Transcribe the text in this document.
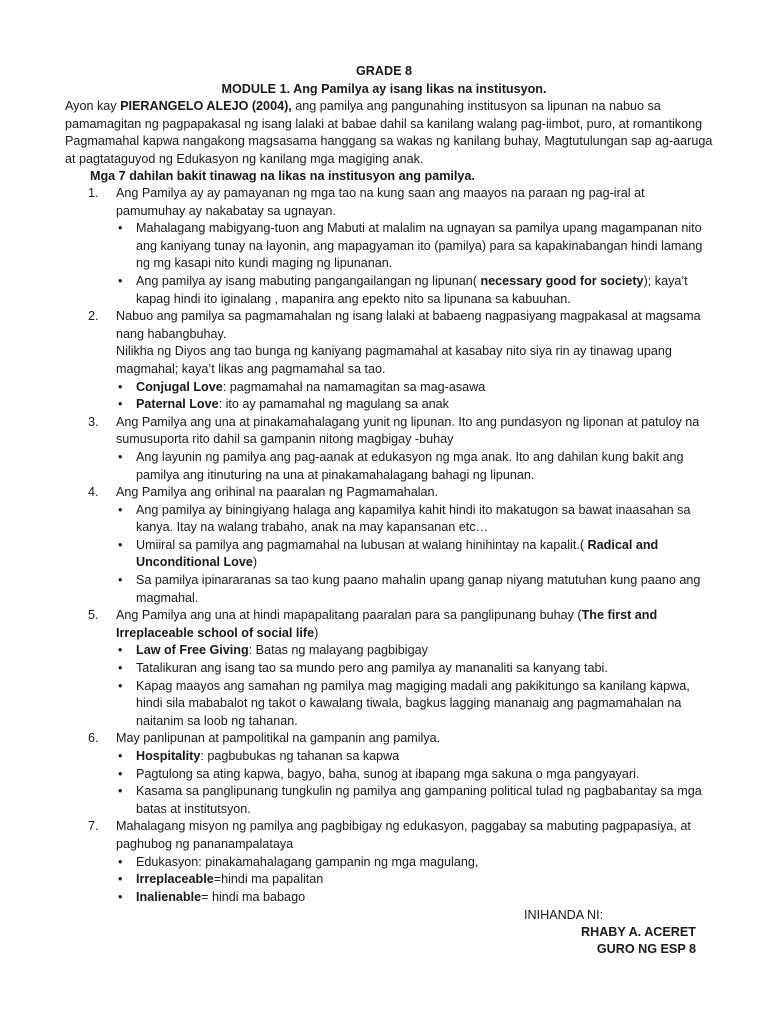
GRADE 8
MODULE 1. Ang Pamilya ay isang likas na institusyon.

Ayon kay PIERANGELO ALEJO (2004), ang pamilya ang pangunahing institusyon sa lipunan na nabuo sa pamamagitan ng pagpapakasal ng isang lalaki at babae dahil sa kanilang walang pag-iimbot, puro, at romantikong Pagmamahal kapwa nangakong magsasama hanggang sa wakas ng kanilang buhay, Magtutulungan sap ag-aaruga at pagtataguyod ng Edukasyon ng kanilang mga magiging anak.

Mga 7 dahilan bakit tinawag na likas na institusyon ang pamilya.
1. Ang Pamilya ay ay pamayanan ng mga tao na kung saan ang maayos na paraan ng pag-iral at pamumuhay ay nakabatay sa ugnayan.
• Mahalagang mabigyang-tuon ang Mabuti at malalim na ugnayan sa pamilya upang magampanan nito ang kaniyang tunay na layonin, ang mapagyaman ito (pamilya) para sa kapakinabangan hindi lamang ng mg kasapi nito kundi maging ng lipunanan.
• Ang pamilya ay isang mabuting pangangailangan ng lipunan( necessary good for society); kaya’t kapag hindi ito iginalang , mapanira ang epekto nito sa lipunana sa kabuuhan.
2. Nabuo ang pamilya sa pagmamahalan ng isang lalaki at babaeng nagpasiyang magpakasal at magsama nang habangbuhay.
Nilikha ng Diyos ang tao bunga ng kaniyang pagmamahal at kasabay nito siya rin ay tinawag upang magmahal; kaya’t likas ang pagmamahal sa tao.
• Conjugal Love: pagmamahal na namamagitan sa mag-asawa
• Paternal Love: ito ay pamamahal ng magulang sa anak
3. Ang Pamilya ang una at pinakamahalagang yunit ng lipunan. Ito ang pundasyon ng liponan at patuloy na sumusuporta rito dahil sa gampanin nitong magbigay -buhay
• Ang layunin ng pamilya ang pag-aanak at edukasyon ng mga anak. Ito ang dahilan kung bakit ang pamilya ang itinuturing na una at pinakamahalagang bahagi ng lipunan.
4. Ang Pamilya ang orihinal na paaralan ng Pagmamahalan.
• Ang pamilya ay biningiyang halaga ang kapamilya kahit hindi ito makatugon sa bawat inaasahan sa kanya. Itay na walang trabaho, anak na may kapansanan etc…
• Umiiral sa pamilya ang pagmamahal na lubusan at walang hinihintay na kapalit.( Radical and Unconditional Love)
• Sa pamilya ipinararanas sa tao kung paano mahalin upang ganap niyang matutuhan kung paano ang magmahal.
5. Ang Pamilya ang una at hindi mapapalitang paaralan para sa panglipunang buhay (The first and Irreplaceable school of social life)
• Law of Free Giving: Batas ng malayang pagbibigay
• Tatalikuran ang isang tao sa mundo pero ang pamilya ay mananaliti sa kanyang tabi.
• Kapag maayos ang samahan ng pamilya mag magiging madali ang pakikitungo sa kanilang kapwa, hindi sila mababalot ng takot o kawalang tiwala, bagkus lagging mananaig ang pagmamahalan na naitanim sa loob ng tahanan.
6. May panlipunan at pampolitikal na gampanin ang pamilya.
• Hospitality: pagbubukas ng tahanan sa kapwa
• Pagtulong sa ating kapwa, bagyo, baha, sunog at ibapang mga sakuna o mga pangyayari.
• Kasama sa panglipunang tungkulin ng pamilya ang gampaning political tulad ng pagbabantay sa mga batas at institutsyon.
7. Mahalagang misyon ng pamilya ang pagbibigay ng edukasyon, paggabay sa mabuting pagpapasiya, at paghubog ng pananampalataya
• Edukasyon: pinakamahalagang gampanin ng mga magulang,
• Irreplaceable=hindi ma papalitan
• Inalienable= hindi ma babago
INIHANDA NI:
RHABY A. ACERET
GURO NG ESP 8
